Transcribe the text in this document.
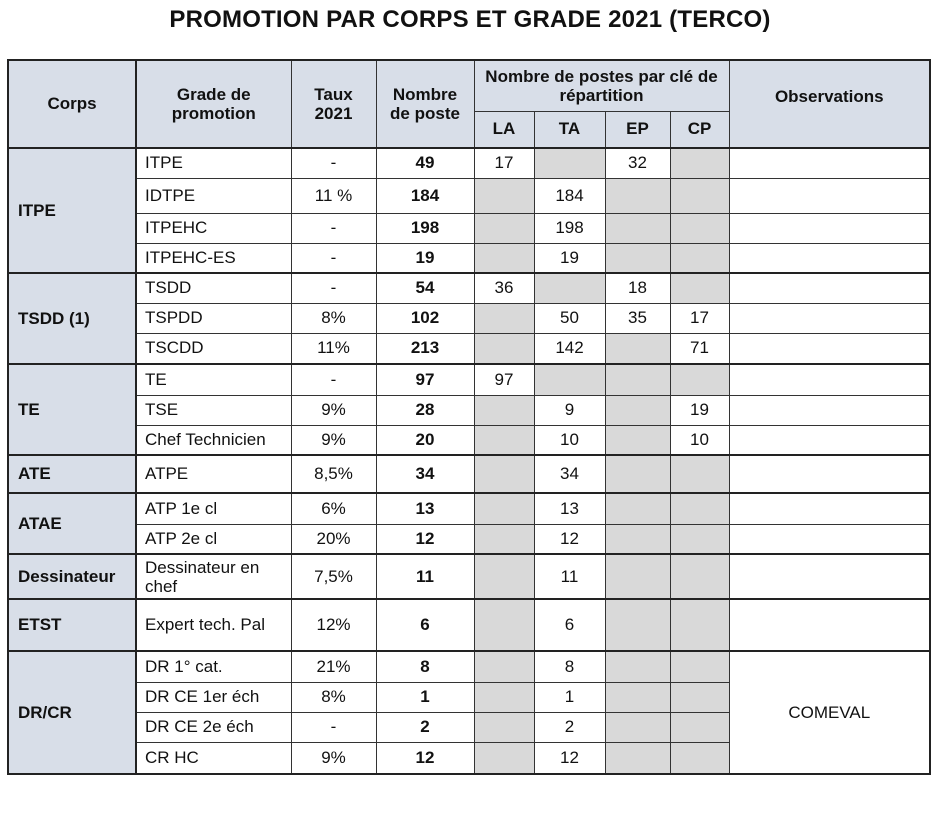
PROMOTION PAR CORPS ET GRADE 2021 (TERCO)
Corps	Grade de promotion	Taux 2021	Nombre de poste	Nombre de postes par clé de répartition				Observations
				LA	TA	EP	CP	
ITPE	ITPE	-	49	17		32		
	IDTPE	11 %	184		184			
	ITPEHC	-	198		198			
	ITPEHC-ES	-	19		19			
TSDD (1)	TSDD	-	54	36		18		
	TSPDD	8%	102		50	35	17	
	TSCDD	11%	213		142		71	
TE	TE	-	97	97				
	TSE	9%	28		9		19	
	Chef Technicien	9%	20		10		10	
ATE	ATPE	8,5%	34		34			
ATAE	ATP 1e cl	6%	13		13			
	ATP 2e cl	20%	12		12			
Dessinateur	Dessinateur en chef	7,5%	11		11			
ETST	Expert tech. Pal	12%	6		6			
DR/CR	DR 1° cat.	21%	8		8			COMEVAL
	DR CE 1er éch	8%	1		1			
	DR CE 2e éch	-	2		2			
	CR HC	9%	12		12			
